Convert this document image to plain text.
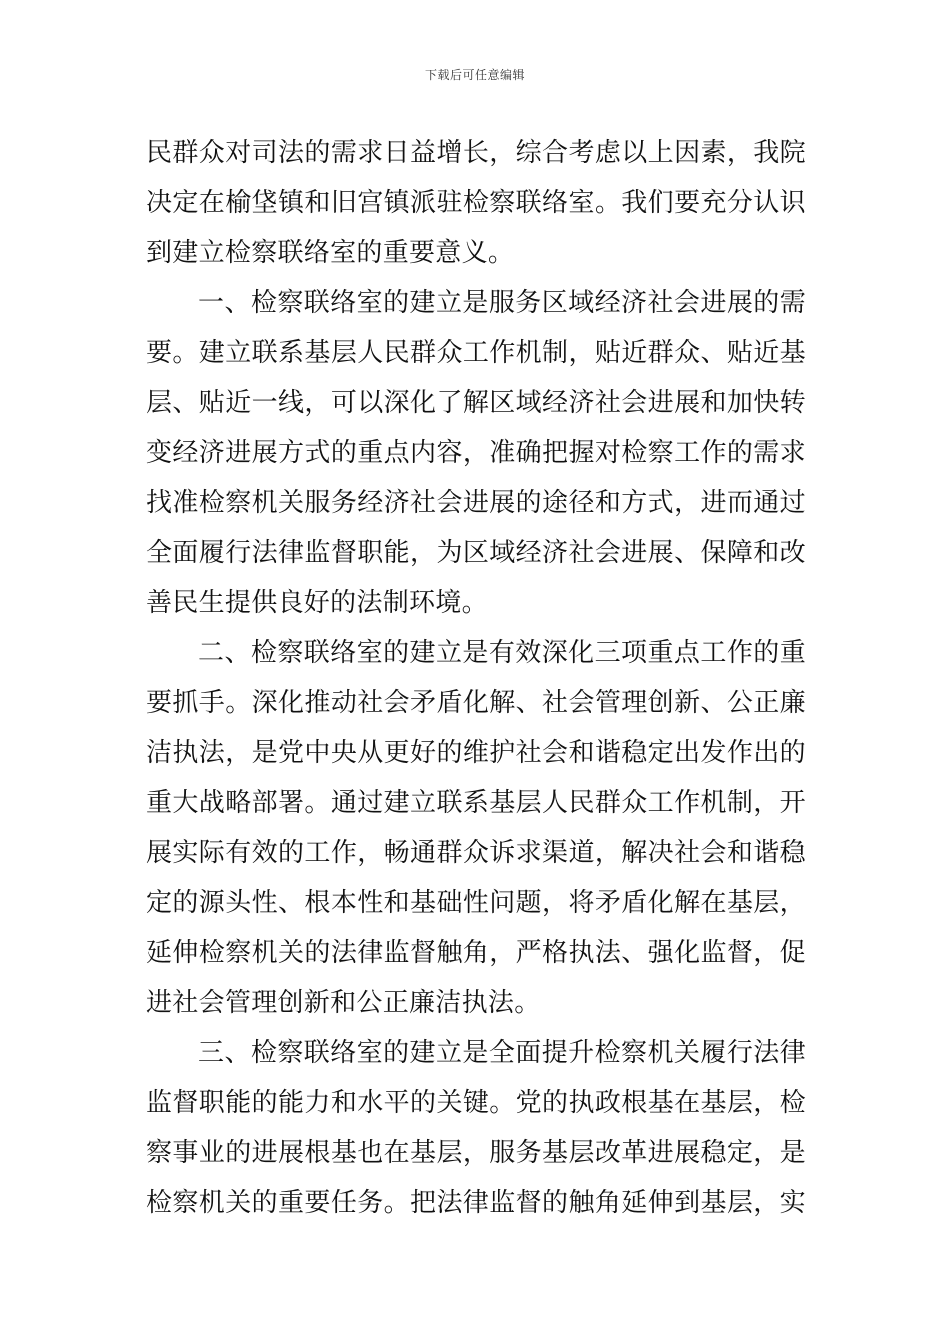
下载后可任意编辑
民群众对司法的需求日益增长，综合考虑以上因素，我院
决定在榆垡镇和旧宫镇派驻检察联络室。我们要充分认识
到建立检察联络室的重要意义。
一、检察联络室的建立是服务区域经济社会进展的需
要。建立联系基层人民群众工作机制，贴近群众、贴近基
层、贴近一线，可以深化了解区域经济社会进展和加快转
变经济进展方式的重点内容，准确把握对检察工作的需求
找准检察机关服务经济社会进展的途径和方式，进而通过
全面履行法律监督职能，为区域经济社会进展、保障和改
善民生提供良好的法制环境。
二、检察联络室的建立是有效深化三项重点工作的重
要抓手。深化推动社会矛盾化解、社会管理创新、公正廉
洁执法，是党中央从更好的维护社会和谐稳定出发作出的
重大战略部署。通过建立联系基层人民群众工作机制，开
展实际有效的工作，畅通群众诉求渠道，解决社会和谐稳
定的源头性、根本性和基础性问题，将矛盾化解在基层，
延伸检察机关的法律监督触角，严格执法、强化监督，促
进社会管理创新和公正廉洁执法。
三、检察联络室的建立是全面提升检察机关履行法律
监督职能的能力和水平的关键。党的执政根基在基层，检
察事业的进展根基也在基层，服务基层改革进展稳定，是
检察机关的重要任务。把法律监督的触角延伸到基层，实
